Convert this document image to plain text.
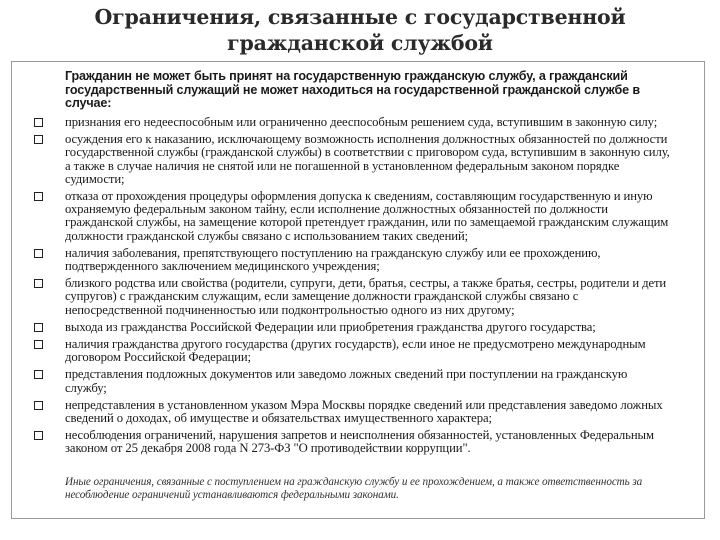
Ограничения, связанные с государственной
гражданской службой
Гражданин не может быть принят на государственную гражданскую службу, а гражданский государственный служащий не может находиться на государственной гражданской службе в случае:
признания его недееспособным или ограниченно дееспособным решением суда, вступившим в законную силу;
осуждения его к наказанию, исключающему возможность исполнения должностных обязанностей по должности государственной службы (гражданской службы) в соответствии с приговором суда, вступившим в законную силу, а также в случае наличия не снятой или не погашенной в установленном федеральным законом порядке судимости;
отказа от прохождения процедуры оформления допуска к сведениям, составляющим государственную и иную охраняемую федеральным законом тайну, если исполнение должностных обязанностей по должности гражданской службы, на замещение которой претендует гражданин, или по замещаемой гражданским служащим должности гражданской службы связано с использованием таких сведений;
наличия заболевания, препятствующего поступлению на гражданскую службу или ее прохождению, подтвержденного заключением медицинского учреждения;
близкого родства или свойства (родители, супруги, дети, братья, сестры, а также братья, сестры, родители и дети супругов) с гражданским служащим, если замещение должности гражданской службы связано с непосредственной подчиненностью или подконтрольностью одного из них другому;
выхода из гражданства Российской Федерации или приобретения гражданства другого государства;
наличия гражданства другого государства (других государств), если иное не предусмотрено международным договором Российской Федерации;
представления подложных документов или заведомо ложных сведений при поступлении на гражданскую службу;
непредставления в установленном указом Мэра Москвы порядке сведений или представления заведомо ложных сведений о доходах, об имуществе и обязательствах имущественного характера;
несоблюдения ограничений, нарушения запретов и неисполнения обязанностей, установленных Федеральным законом от 25 декабря 2008 года N 273-ФЗ "О противодействии коррупции".
Иные ограничения, связанные с поступлением на гражданскую службу и ее прохождением, а также ответственность за несоблюдение ограничений устанавливаются федеральными законами.
